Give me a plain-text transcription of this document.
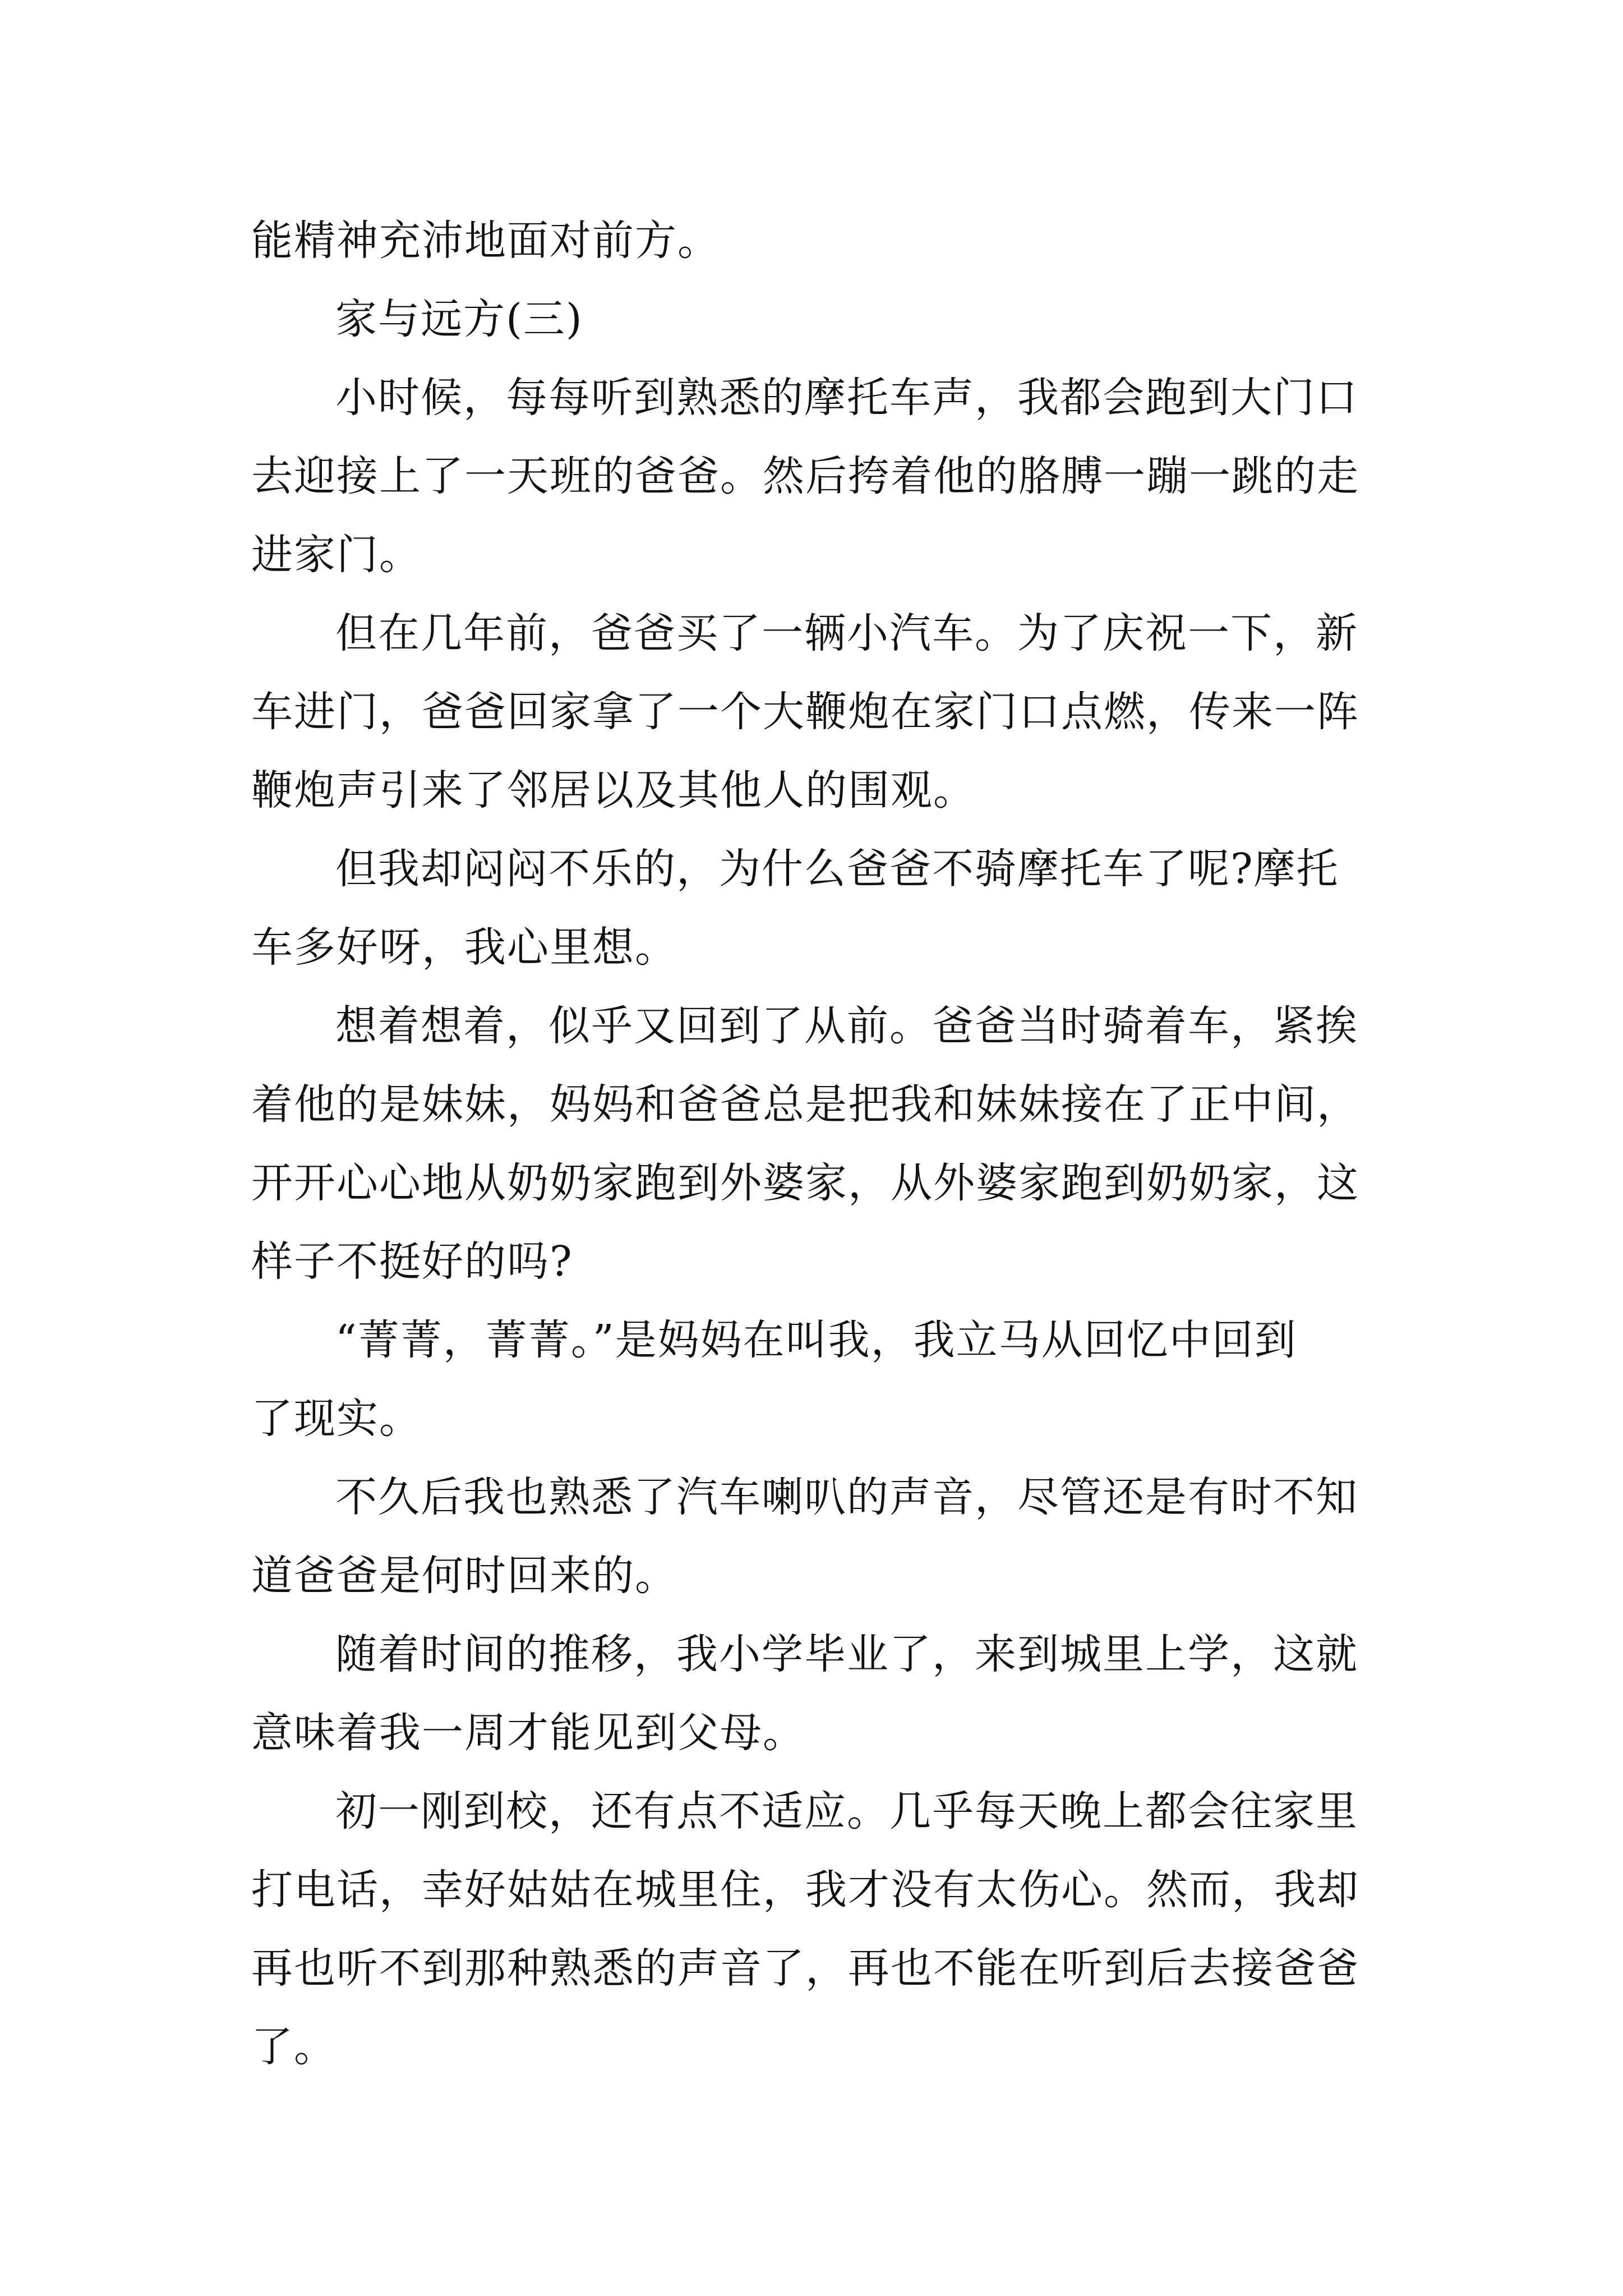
能精神充沛地面对前方。
家与远方(三)
小时候，每每听到熟悉的摩托车声，我都会跑到大门口
去迎接上了一天班的爸爸。然后挎着他的胳膊一蹦一跳的走
进家门。
但在几年前，爸爸买了一辆小汽车。为了庆祝一下，新
车进门，爸爸回家拿了一个大鞭炮在家门口点燃，传来一阵
鞭炮声引来了邻居以及其他人的围观。
但我却闷闷不乐的，为什么爸爸不骑摩托车了呢?摩托
车多好呀，我心里想。
想着想着，似乎又回到了从前。爸爸当时骑着车，紧挨
着他的是妹妹，妈妈和爸爸总是把我和妹妹接在了正中间，
开开心心地从奶奶家跑到外婆家，从外婆家跑到奶奶家，这
样子不挺好的吗?
“菁菁，菁菁。”是妈妈在叫我，我立马从回忆中回到
了现实。
不久后我也熟悉了汽车喇叭的声音，尽管还是有时不知
道爸爸是何时回来的。
随着时间的推移，我小学毕业了，来到城里上学，这就
意味着我一周才能见到父母。
初一刚到校，还有点不适应。几乎每天晚上都会往家里
打电话，幸好姑姑在城里住，我才没有太伤心。然而，我却
再也听不到那种熟悉的声音了，再也不能在听到后去接爸爸
了。
